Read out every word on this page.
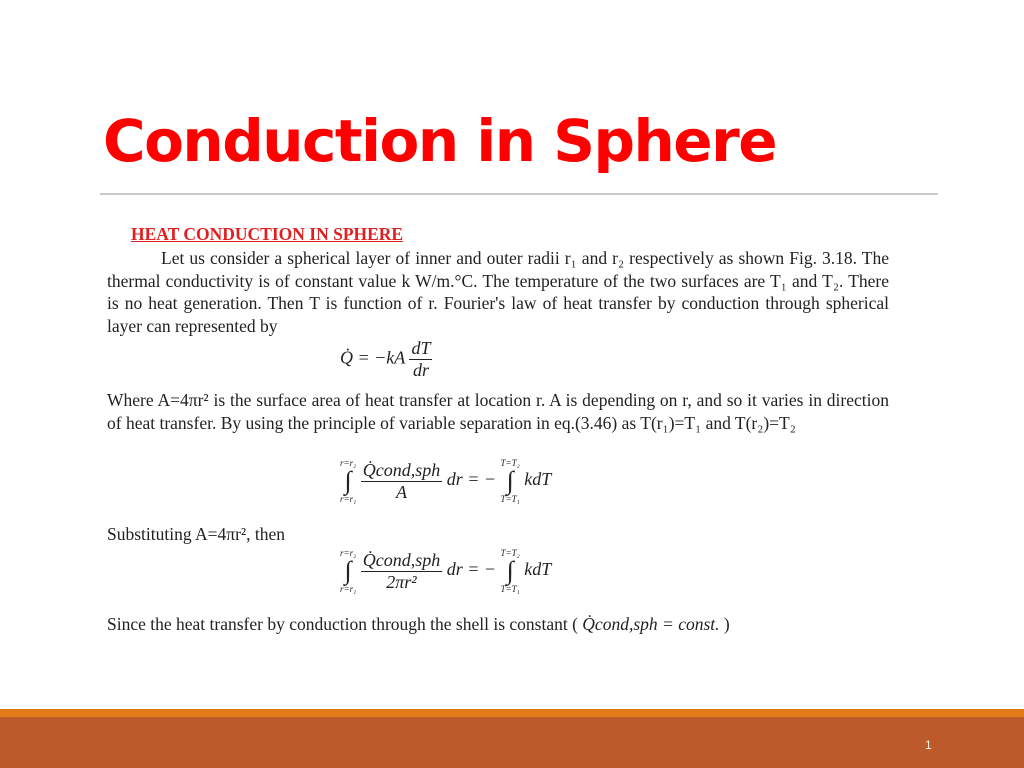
Conduction in Sphere
HEAT CONDUCTION IN SPHERE
Let us consider a spherical layer of inner and outer radii r₁ and r₂ respectively as shown Fig. 3.18. The thermal conductivity is of constant value k W/m.°C. The temperature of the two surfaces are T₁ and T₂. There is no heat generation. Then T is function of r. Fourier's law of heat transfer by conduction through spherical layer can represented by
Q̇ = $-kA \frac{dT}{dr}$
Where A=4πr² is the surface area of heat transfer at location r. A is depending on r, and so it varies in direction of heat transfer. By using the principle of variable separation in eq.(3.46) as T(r₁)=T₁ and T(r₂)=T₂
r=r₂
∫
r=r₁
$\frac{\text{Q̇cond,sph}}{A}$ dr = −
T=T₂
∫
T=T₁
kdT
Substituting A=4πr², then
r=r₂
∫
r=r₁
$\frac{\text{Q̇cond,sph}}{\text{2πr²}}$ dr = −
T=T₂
∫
T=T₁
kdT
Since the heat transfer by conduction through the shell is constant ( Q̇cond,sph = const. )
1
